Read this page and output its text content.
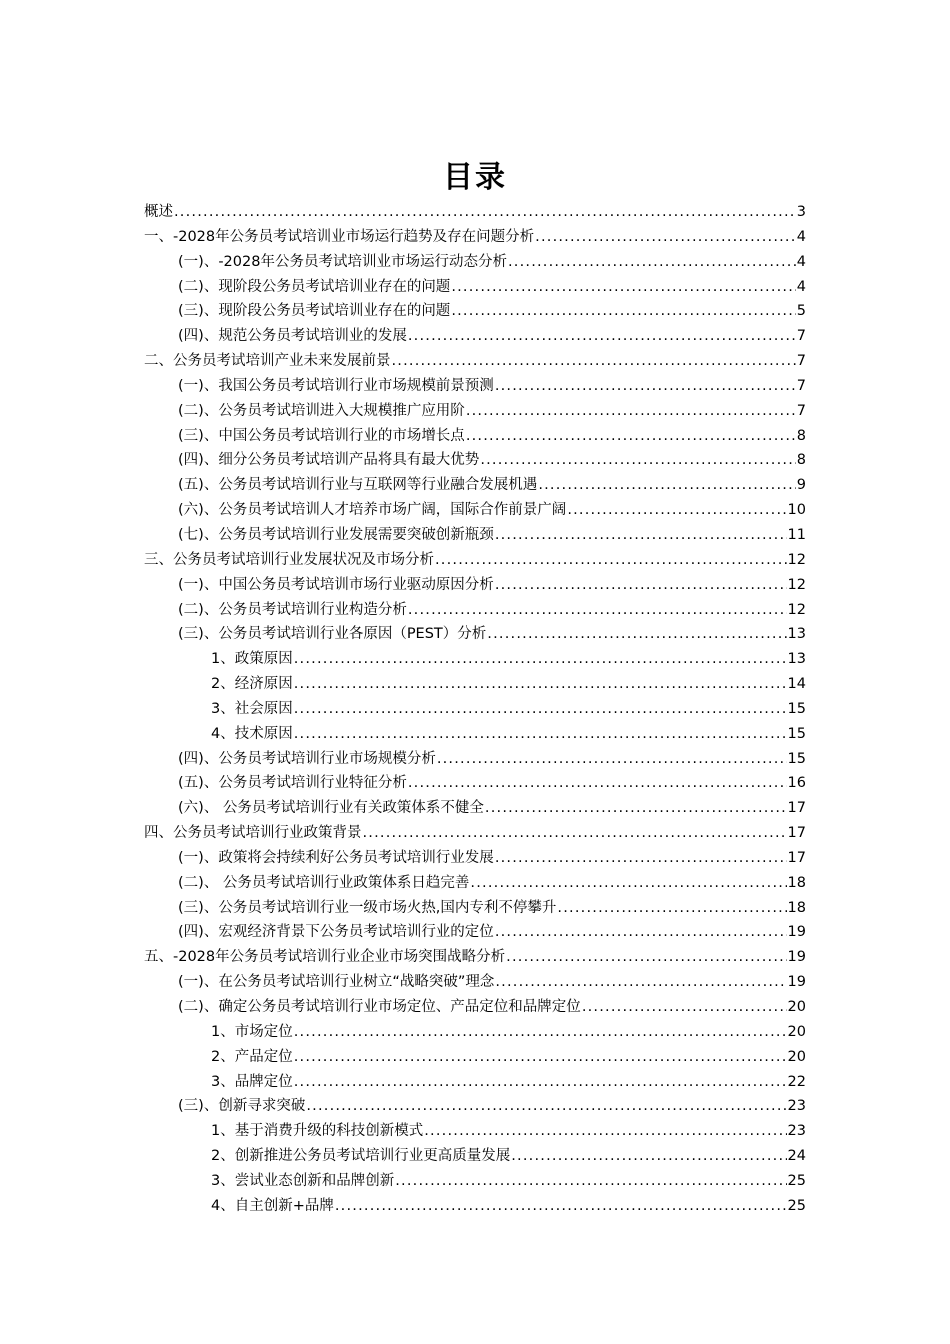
目录
概述 .....	3
一、-2028年公务员考试培训业市场运行趋势及存在问题分析 .....	4
(一)、-2028年公务员考试培训业市场运行动态分析 .....	4
(二)、现阶段公务员考试培训业存在的问题 .....	4
(三)、现阶段公务员考试培训业存在的问题 .....	5
(四)、规范公务员考试培训业的发展 .....	7
二、公务员考试培训产业未来发展前景 .....	7
(一)、我国公务员考试培训行业市场规模前景预测 .....	7
(二)、公务员考试培训进入大规模推广应用阶 .....	7
(三)、中国公务员考试培训行业的市场增长点 .....	8
(四)、细分公务员考试培训产品将具有最大优势 .....	8
(五)、公务员考试培训行业与互联网等行业融合发展机遇 .....	9
(六)、公务员考试培训人才培养市场广阔，国际合作前景广阔 .....	10
(七)、公务员考试培训行业发展需要突破创新瓶颈 .....	11
三、公务员考试培训行业发展状况及市场分析 .....	12
(一)、中国公务员考试培训市场行业驱动原因分析 .....	12
(二)、公务员考试培训行业构造分析 .....	12
(三)、公务员考试培训行业各原因（PEST）分析 .....	13
1、政策原因 .....	13
2、经济原因 .....	14
3、社会原因 .....	15
4、技术原因 .....	15
(四)、公务员考试培训行业市场规模分析 .....	15
(五)、公务员考试培训行业特征分析 .....	16
(六)、 公务员考试培训行业有关政策体系不健全 .....	17
四、公务员考试培训行业政策背景 .....	17
(一)、政策将会持续利好公务员考试培训行业发展 .....	17
(二)、 公务员考试培训行业政策体系日趋完善 .....	18
(三)、公务员考试培训行业一级市场火热,国内专利不停攀升 .....	18
(四)、宏观经济背景下公务员考试培训行业的定位 .....	19
五、-2028年公务员考试培训行业企业市场突围战略分析 .....	19
(一)、在公务员考试培训行业树立“战略突破”理念 .....	19
(二)、确定公务员考试培训行业市场定位、产品定位和品牌定位 .....	20
1、市场定位 .....	20
2、产品定位 .....	20
3、品牌定位 .....	22
(三)、创新寻求突破 .....	23
1、基于消费升级的科技创新模式 .....	23
2、创新推进公务员考试培训行业更高质量发展 .....	24
3、尝试业态创新和品牌创新 .....	25
4、自主创新+品牌 .....	25
